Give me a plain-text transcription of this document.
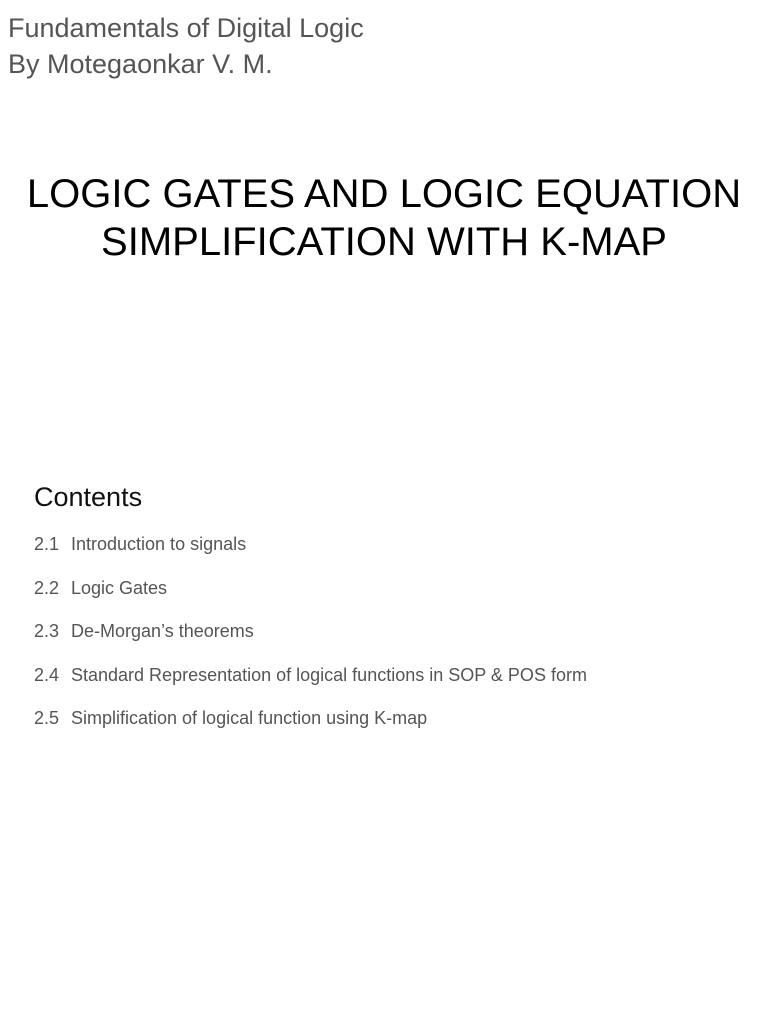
Fundamentals of Digital Logic
By Motegaonkar V. M.
LOGIC GATES AND LOGIC EQUATION
SIMPLIFICATION WITH K-MAP
Contents
2.1 Introduction to signals
2.2 Logic Gates
2.3 De-Morgan’s theorems
2.4 Standard Representation of logical functions in SOP & POS form
2.5 Simplification of logical function using K-map
